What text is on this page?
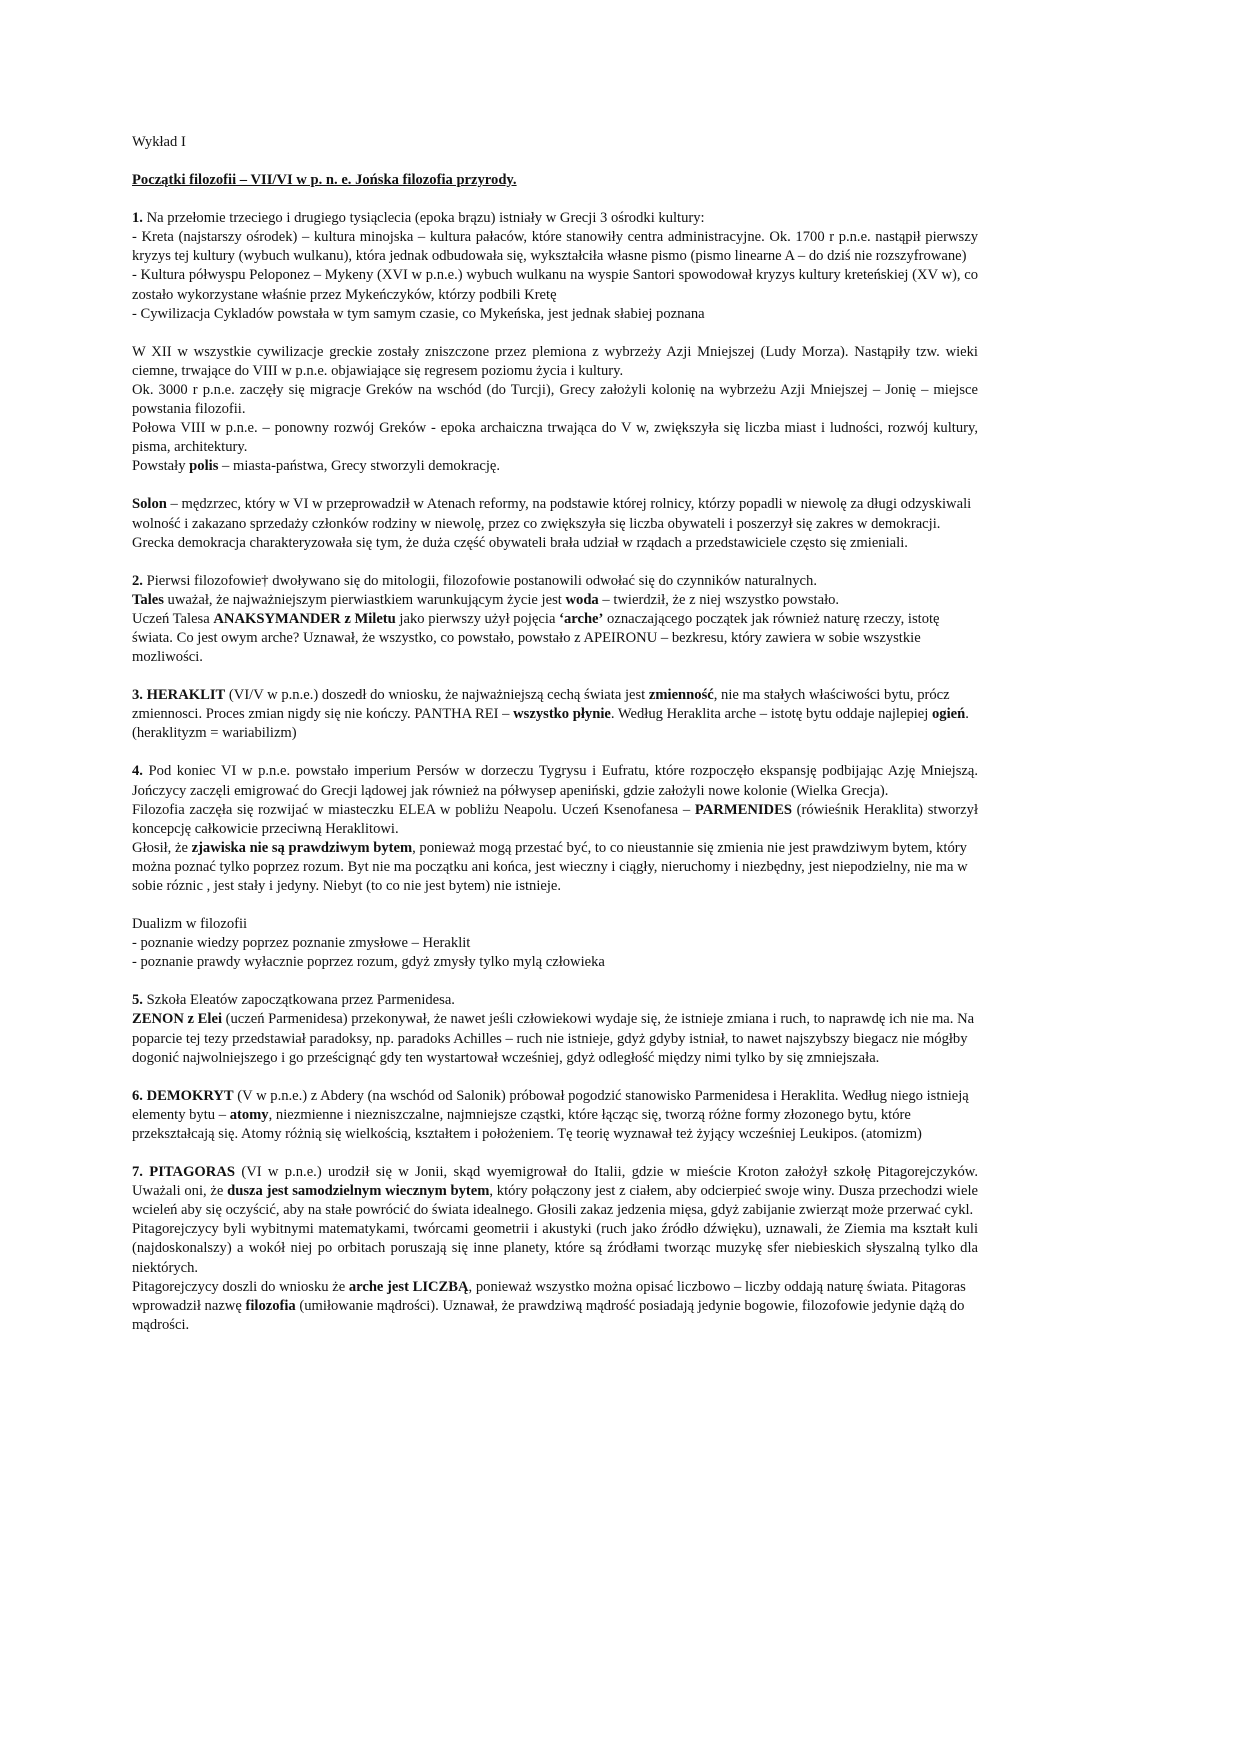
Wykład I
Początki filozofii – VII/VI w p. n. e. Jońska filozofia przyrody.

1. Na przełomie trzeciego i drugiego tysiąclecia (epoka brązu) istniały w Grecji 3 ośrodki kultury:

- Kreta (najstarszy ośrodek) – kultura minojska – kultura pałaców, które stanowiły centra administracyjne. Ok. 1700 r p.n.e. nastąpił pierwszy kryzys tej kultury (wybuch wulkanu), która jednak odbudowała się, wykształciła własne pismo (pismo linearne A – do dziś nie rozszyfrowane)

- Kultura półwyspu Peloponez – Mykeny (XVI w p.n.e.) wybuch wulkanu na wyspie Santori spowodował kryzys kultury kreteńskiej (XV w), co zostało wykorzystane właśnie przez Mykeńczyków, którzy podbili Kretę

- Cywilizacja Cykladów powstała w tym samym czasie, co Mykeńska, jest jednak słabiej poznana

W XII w wszystkie cywilizacje greckie zostały zniszczone przez plemiona z wybrzeży Azji Mniejszej (Ludy Morza). Nastąpiły tzw. wieki ciemne, trwające do VIII w p.n.e. objawiające się regresem poziomu życia i kultury.

Ok. 3000 r p.n.e. zaczęły się migracje Greków na wschód (do Turcji), Grecy założyli kolonię na wybrzeżu Azji Mniejszej – Jonię – miejsce powstania filozofii.

Połowa VIII w p.n.e. – ponowny rozwój Greków - epoka archaiczna trwająca do V w, zwiększyła się liczba miast i ludności, rozwój kultury, pisma, architektury.

Powstały polis – miasta-państwa, Grecy stworzyli demokrację.

Solon – mędzrzec, który w VI w przeprowadził w Atenach reformy, na podstawie której rolnicy, którzy popadli w niewolę za długi odzyskiwali wolność i zakazano sprzedaży członków rodziny w niewolę, przez co zwiększyła się liczba obywateli i poszerzył się zakres w demokracji. Grecka demokracja charakteryzowała się tym, że duża część obywateli brała udział w rządach a przedstawiciele często się zmieniali.

2. Pierwsi filozofowie† dwoływano się do mitologii, filozofowie postanowili odwołać się do czynników naturalnych.

Tales uważał, że najważniejszym pierwiastkiem warunkującym życie jest woda – twierdził, że z niej wszystko powstało.

Uczeń Talesa ANAKSYMANDER z Miletu jako pierwszy użył pojęcia ‘arche’ oznaczającego początek jak również naturę rzeczy, istotę świata. Co jest owym arche? Uznawał, że wszystko, co powstało, powstało z APEIRONU – bezkresu, który zawiera w sobie wszystkie mozliwości.

3. HERAKLIT (VI/V w p.n.e.) doszedł do wniosku, że najważniejszą cechą świata jest zmienność, nie ma stałych właściwości bytu, prócz zmiennosci. Proces zmian nigdy się nie kończy. PANTHA REI – wszystko płynie. Według Heraklita arche – istotę bytu oddaje najlepiej ogień. (heraklityzm = wariabilizm)

4. Pod koniec VI w p.n.e. powstało imperium Persów w dorzeczu Tygrysu i Eufratu, które rozpoczęło ekspansję podbijając Azję Mniejszą. Jończycy zaczęli emigrować do Grecji lądowej jak również na półwysep apeniński, gdzie założyli nowe kolonie (Wielka Grecja).

Filozofia zaczęła się rozwijać w miasteczku ELEA w pobliżu Neapolu. Uczeń Ksenofanesa – PARMENIDES (rówieśnik Heraklita) stworzył koncepcję całkowicie przeciwną Heraklitowi.

Głosił, że zjawiska nie są prawdziwym bytem, ponieważ mogą przestać być, to co nieustannie się zmienia nie jest prawdziwym bytem, który można poznać tylko poprzez rozum. Byt nie ma początku ani końca, jest wieczny i ciągły, nieruchomy i niezbędny, jest niepodzielny, nie ma w sobie róznic , jest stały i jedyny. Niebyt (to co nie jest bytem) nie istnieje.

Dualizm w filozofii

- poznanie wiedzy poprzez poznanie zmysłowe – Heraklit

- poznanie prawdy wyłacznie poprzez rozum, gdyż zmysły tylko mylą człowieka

5. Szkoła Eleatów zapoczątkowana przez Parmenidesa.

ZENON z Elei (uczeń Parmenidesa) przekonywał, że nawet jeśli człowiekowi wydaje się, że istnieje zmiana i ruch, to naprawdę ich nie ma. Na poparcie tej tezy przedstawiał paradoksy, np. paradoks Achilles – ruch nie istnieje, gdyż gdyby istniał, to nawet najszybszy biegacz nie mógłby dogonić najwolniejszego i go prześcignąć gdy ten wystartował wcześniej, gdyż odległość między nimi tylko by się zmniejszała.

6. DEMOKRYT (V w p.n.e.) z Abdery (na wschód od Salonik) próbował pogodzić stanowisko Parmenidesa i Heraklita. Według niego istnieją elementy bytu – atomy, niezmienne i niezniszczalne, najmniejsze cząstki, które łącząc się, tworzą różne formy złozonego bytu, które przekształcają się. Atomy różnią się wielkością, kształtem i położeniem. Tę teorię wyznawał też żyjący wcześniej Leukipos. (atomizm)

7. PITAGORAS (VI w p.n.e.) urodził się w Jonii, skąd wyemigrował do Italii, gdzie w mieście Kroton założył szkołę Pitagorejczyków. Uważali oni, że dusza jest samodzielnym wiecznym bytem, który połączony jest z ciałem, aby odcierpieć swoje winy. Dusza przechodzi wiele wcieleń aby się oczyścić, aby na stałe powrócić do świata idealnego. Głosili zakaz jedzenia mięsa, gdyż zabijanie zwierząt może przerwać cykl.

Pitagorejczycy byli wybitnymi matematykami, twórcami geometrii i akustyki (ruch jako źródło dźwięku), uznawali, że Ziemia ma kształt kuli (najdoskonalszy) a wokół niej po orbitach poruszają się inne planety, które są źródłami tworząc muzykę sfer niebieskich słyszalną tylko dla niektórych.

Pitagorejczycy doszli do wniosku że arche jest LICZBĄ, ponieważ wszystko można opisać liczbowo – liczby oddają naturę świata. Pitagoras wprowadził nazwę filozofia (umiłowanie mądrości). Uznawał, że prawdziwą mądrość posiadają jedynie bogowie, filozofowie jedynie dążą do mądrości.
